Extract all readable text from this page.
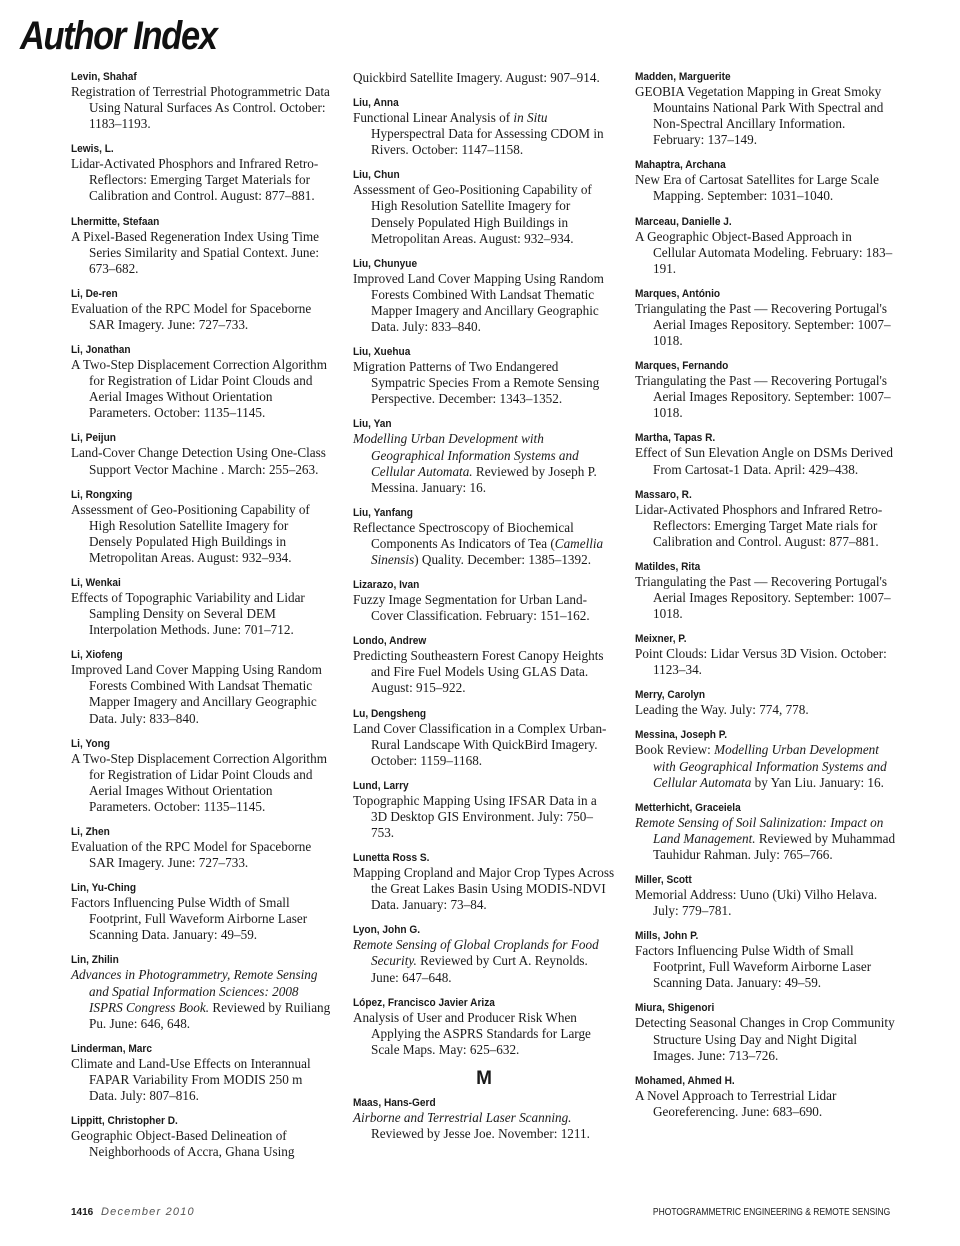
Author Index
Levin, Shahaf
Registration of Terrestrial Photogrammetric Data Using Natural Surfaces As Control. October: 1183–1193.
Lewis, L.
Lidar-Activated Phosphors and Infrared Retro-Reflectors: Emerging Target Materials for Calibration and Control. August: 877–881.
Lhermitte, Stefaan
A Pixel-Based Regeneration Index Using Time Series Similarity and Spatial Context. June: 673–682.
Li, De-ren
Evaluation of the RPC Model for Spaceborne SAR Imagery. June: 727–733.
Li, Jonathan
A Two-Step Displacement Correction Algorithm for Registration of Lidar Point Clouds and Aerial Images Without Orientation Parameters. October: 1135–1145.
Li, Peijun
Land-Cover Change Detection Using One-Class Support Vector Machine . March: 255–263.
Li, Rongxing
Assessment of Geo-Positioning Capability of High Resolution Satellite Imagery for Densely Populated High Buildings in Metropolitan Areas. August: 932–934.
Li, Wenkai
Effects of Topographic Variability and Lidar Sampling Density on Several DEM Interpolation Methods. June: 701–712.
Li, Xiofeng
Improved Land Cover Mapping Using Random Forests Combined With Landsat Thematic Mapper Imagery and Ancillary Geographic Data. July: 833–840.
Li, Yong
A Two-Step Displacement Correction Algorithm for Registration of Lidar Point Clouds and Aerial Images Without Orientation Parameters. October: 1135–1145.
Li, Zhen
Evaluation of the RPC Model for Spaceborne SAR Imagery. June: 727–733.
Lin, Yu-Ching
Factors Influencing Pulse Width of Small Footprint, Full Waveform Airborne Laser Scanning Data. January: 49–59.
Lin, Zhilin
Advances in Photogrammetry, Remote Sensing and Spatial Information Sciences: 2008 ISPRS Congress Book. Reviewed by Ruiliang Pu. June: 646, 648.
Linderman, Marc
Climate and Land-Use Effects on Interannual FAPAR Variability From MODIS 250 m Data. July: 807–816.
Lippitt, Christopher D.
Geographic Object-Based Delineation of Neighborhoods of Accra, Ghana Using
Quickbird Satellite Imagery. August: 907–914.
Liu, Anna
Functional Linear Analysis of in Situ Hyperspectral Data for Assessing CDOM in Rivers. October: 1147–1158.
Liu, Chun
Assessment of Geo-Positioning Capability of High Resolution Satellite Imagery for Densely Populated High Buildings in Metropolitan Areas. August: 932–934.
Liu, Chunyue
Improved Land Cover Mapping Using Random Forests Combined With Landsat Thematic Mapper Imagery and Ancillary Geographic Data. July: 833–840.
Liu, Xuehua
Migration Patterns of Two Endangered Sympatric Species From a Remote Sensing Perspective. December: 1343–1352.
Liu, Yan
Modelling Urban Development with Geographical Information Systems and Cellular Automata. Reviewed by Joseph P. Messina. January: 16.
Liu, Yanfang
Reflectance Spectroscopy of Biochemical Components As Indicators of Tea (Camellia Sinensis) Quality. December: 1385–1392.
Lizarazo, Ivan
Fuzzy Image Segmentation for Urban Land-Cover Classification. February: 151–162.
Londo, Andrew
Predicting Southeastern Forest Canopy Heights and Fire Fuel Models Using GLAS Data. August: 915–922.
Lu, Dengsheng
Land Cover Classification in a Complex Urban-Rural Landscape With QuickBird Imagery. October: 1159–1168.
Lund, Larry
Topographic Mapping Using IFSAR Data in a 3D Desktop GIS Environment. July: 750–753.
Lunetta Ross S.
Mapping Cropland and Major Crop Types Across the Great Lakes Basin Using MODIS-NDVI Data. January: 73–84.
Lyon, John G.
Remote Sensing of Global Croplands for Food Security. Reviewed by Curt A. Reynolds. June: 647–648.
López, Francisco Javier Ariza
Analysis of User and Producer Risk When Applying the ASPRS Standards for Large Scale Maps. May: 625–632.
M
Maas, Hans-Gerd
Airborne and Terrestrial Laser Scanning. Reviewed by Jesse Joe. November: 1211.
Madden, Marguerite
GEOBIA Vegetation Mapping in Great Smoky Mountains National Park With Spectral and Non-Spectral Ancillary Information. February: 137–149.
Mahaptra, Archana
New Era of Cartosat Satellites for Large Scale Mapping. September: 1031–1040.
Marceau, Danielle J.
A Geographic Object-Based Approach in Cellular Automata Modeling. February: 183–191.
Marques, António
Triangulating the Past — Recovering Portugal's Aerial Images Repository. September: 1007–1018.
Marques, Fernando
Triangulating the Past — Recovering Portugal's Aerial Images Repository. September: 1007–1018.
Martha, Tapas R.
Effect of Sun Elevation Angle on DSMs Derived From Cartosat-1 Data. April: 429–438.
Massaro, R.
Lidar-Activated Phosphors and Infrared Retro-Reflectors: Emerging Target Mate rials for Calibration and Control. August: 877–881.
Matildes, Rita
Triangulating the Past — Recovering Portugal's Aerial Images Repository. September: 1007–1018.
Meixner, P.
Point Clouds: Lidar Versus 3D Vision. October: 1123–34.
Merry, Carolyn
Leading the Way. July: 774, 778.
Messina, Joseph P.
Book Review: Modelling Urban Development with Geographical Information Systems and Cellular Automata by Yan Liu. January: 16.
Metterhicht, Graceiela
Remote Sensing of Soil Salinization: Impact on Land Management. Reviewed by Muhammad Tauhidur Rahman. July: 765–766.
Miller, Scott
Memorial Address: Uuno (Uki) Vilho Helava. July: 779–781.
Mills, John P.
Factors Influencing Pulse Width of Small Footprint, Full Waveform Airborne Laser Scanning Data. January: 49–59.
Miura, Shigenori
Detecting Seasonal Changes in Crop Community Structure Using Day and Night Digital Images. June: 713–726.
Mohamed, Ahmed H.
A Novel Approach to Terrestrial Lidar Georeferencing. June: 683–690.
1416 December 2010	PHOTOGRAMMETRIC ENGINEERING & REMOTE SENSING
